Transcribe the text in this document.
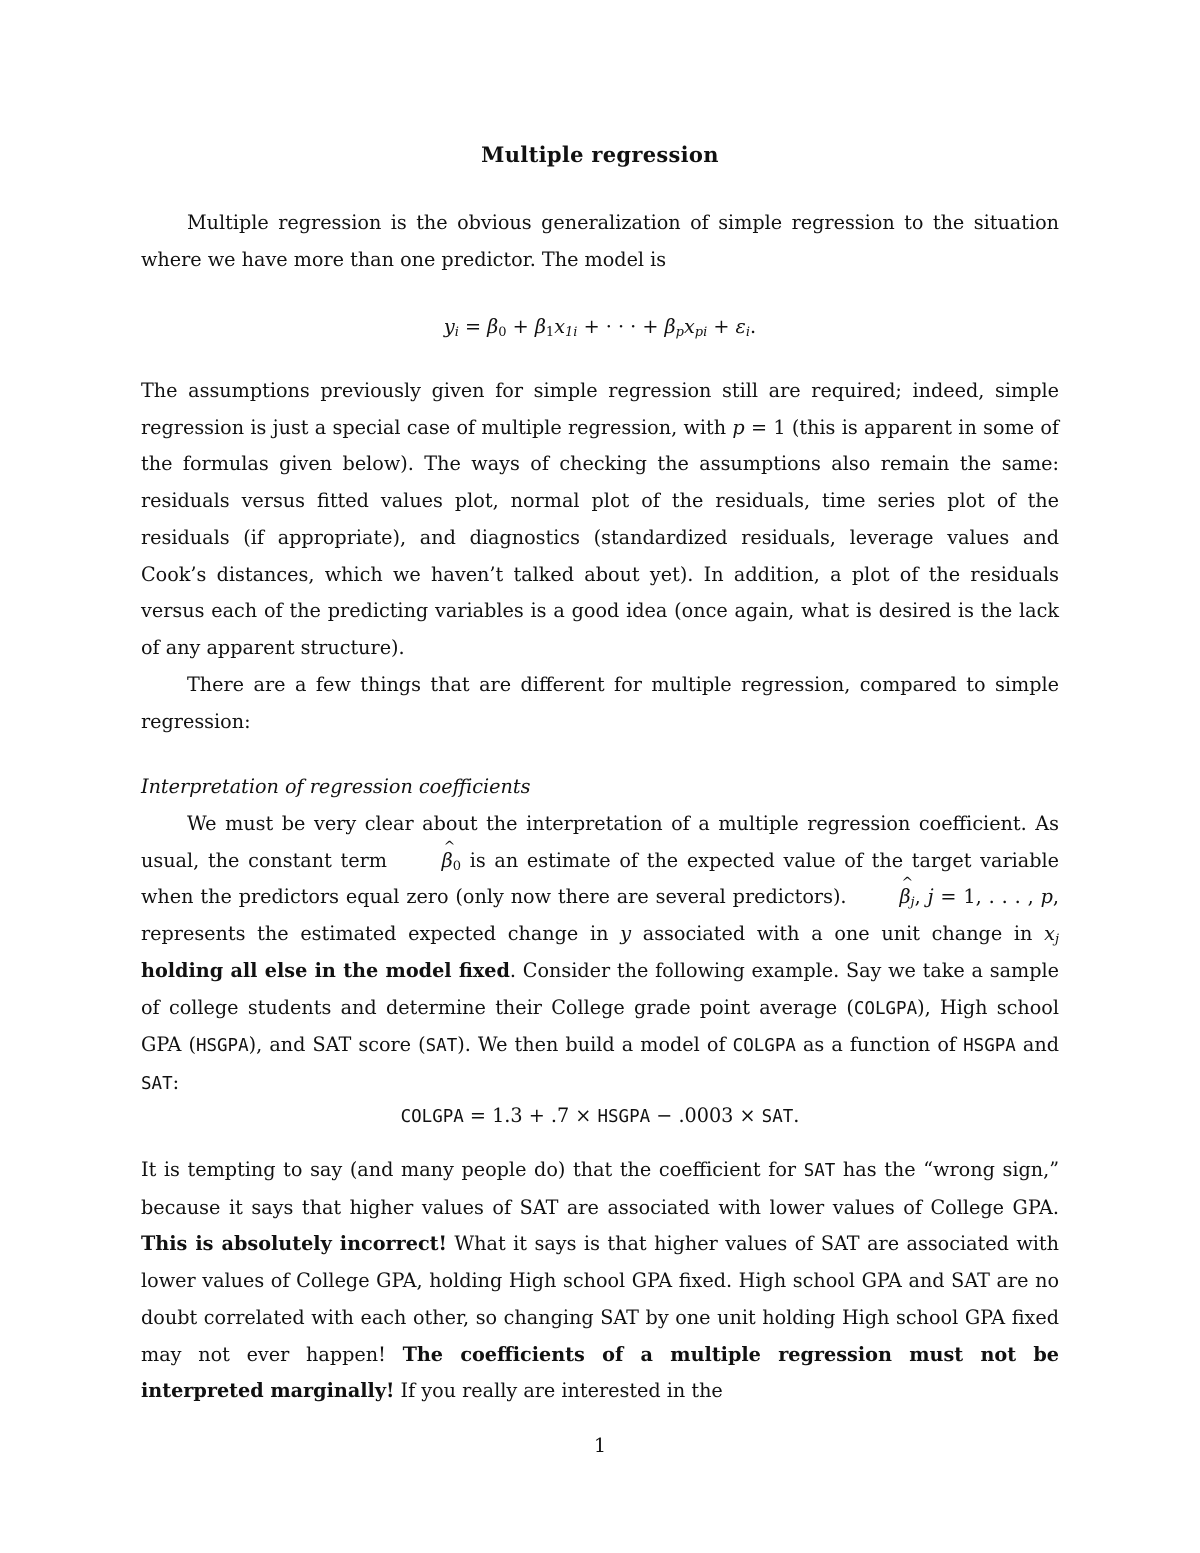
Multiple regression
Multiple regression is the obvious generalization of simple regression to the situation where we have more than one predictor. The model is
$y_i = \beta_0 + \beta_1x_{1i}$ + · · · + $\beta_px_{pi} + \varepsilon_i$.
The assumptions previously given for simple regression still are required; indeed, simple regression is just a special case of multiple regression, with p = 1 (this is apparent in some of the formulas given below). The ways of checking the assumptions also remain the same: residuals versus fitted values plot, normal plot of the residuals, time series plot of the residuals (if appropriate), and diagnostics (standardized residuals, leverage values and Cook’s distances, which we haven’t talked about yet). In addition, a plot of the residuals versus each of the predicting variables is a good idea (once again, what is desired is the lack of any apparent structure).
There are a few things that are different for multiple regression, compared to simple regression:
Interpretation of regression coefficients
We must be very clear about the interpretation of a multiple regression coefficient. As usual, the constant term ^ $\beta_0$ is an estimate of the expected value of the target variable when the predictors equal zero (only now there are several predictors). ^ $\beta_j$, j = 1, . . . , p, represents the estimated expected change in y associated with a one unit change in $x_j$ holding all else in the model fixed. Consider the following example. Say we take a sample of college students and determine their College grade point average (COLGPA), High school GPA (HSGPA), and SAT score (SAT). We then build a model of COLGPA as a function of HSGPA and SAT:
COLGPA = 1.3 + .7 × HSGPA − .0003 × SAT.
It is tempting to say (and many people do) that the coefficient for SAT has the “wrong sign,” because it says that higher values of SAT are associated with lower values of College GPA. This is absolutely incorrect! What it says is that higher values of SAT are associated with lower values of College GPA, holding High school GPA fixed. High school GPA and SAT are no doubt correlated with each other, so changing SAT by one unit holding High school GPA fixed may not ever happen! The coefficients of a multiple regression must not be interpreted marginally! If you really are interested in the
1
